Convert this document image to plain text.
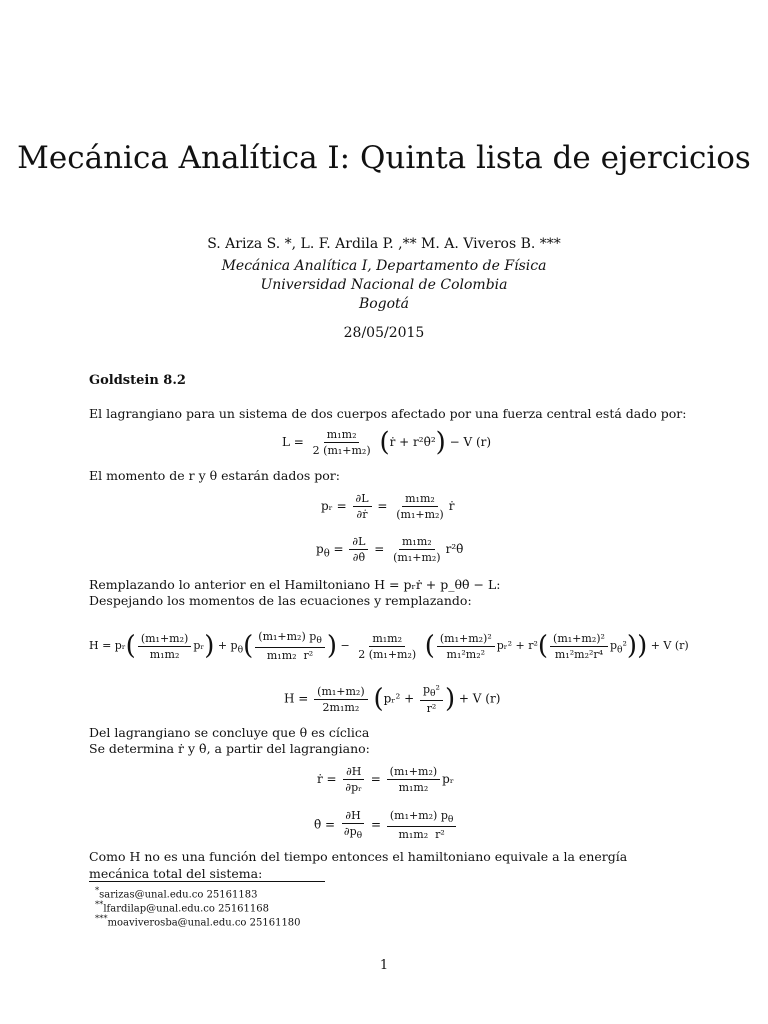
Mecánica Analítica I: Quinta lista de ejercicios
S. Ariza S. *, L. F. Ardila P. ,** M. A. Viveros B. ***
Mecánica Analítica I, Departamento de Física
Universidad Nacional de Colombia
Bogotá
28/05/2015
Goldstein 8.2
El lagrangiano para un sistema de dos cuerpos afectado por una fuerza central está dado por:
$L = \frac{\text{m₁m₂}}{\text{2 (m₁+m₂)}}$ (ṙ + r²θ̇²) − V (r)
El momento de r y θ estarán dados por:
pᵣ = $\frac{\partial L}{\text{∂ṙ}} = \frac{\text{m₁m₂}}{\text{(m₁+m₂)}}$ ṙ
$p_\theta = \frac{\partial L}{\partial\thetȧ} = \frac{\text{m₁m₂}}{\text{(m₁+m₂)}}$ r²θ̇
Remplazando lo anterior en el Hamiltoniano H = pᵣṙ + p_θθ̇ − L:
Despejando los momentos de las ecuaciones y remplazando:
H = pᵣ( $\frac{\text{(m₁+m₂)}}{\text{m₁m₂}}$ pᵣ) + $p_\theta( \frac{(m_1+m_2) p_\theta}{\text{m₁m₂  r²}}$ ) − $\frac{\text{m₁m₂}}{\text{2 (m₁+m₂)}}$ ( $\frac{\text{(m₁+m₂)²}}{\text{m₁²m₂²}}$ pᵣ² + $r^2( \frac{\text{(m₁+m₂)²}}{\text{m₁²m₂²r⁴}} p_\theta^2)) + V$ (r)
$H = \frac{\text{(m₁+m₂)}}{\text{2m₁m₂}}$ (pᵣ² + $\frac{p_\theta^2}{\text{r²}}$ ) + V (r)
Del lagrangiano se concluye que θ es cíclica
Se determina ṙ y θ̇, a partir del lagrangiano:
ṙ = $\frac{\partial H}{\text{∂pᵣ}} = \frac{\text{(m₁+m₂)}}{\text{m₁m₂}}$ pᵣ
θ̇ = $\frac{\partial H}{\partial p_\theta} = \frac{(m_1+m_2) p_\theta}{\text{m₁m₂  r²}}$
Como H no es una función del tiempo entonces el hamiltoniano equivale a la energía mecánica total del sistema:
*sarizas@unal.edu.co 25161183
**lfardilap@unal.edu.co 25161168
***moaviverosba@unal.edu.co 25161180
1
